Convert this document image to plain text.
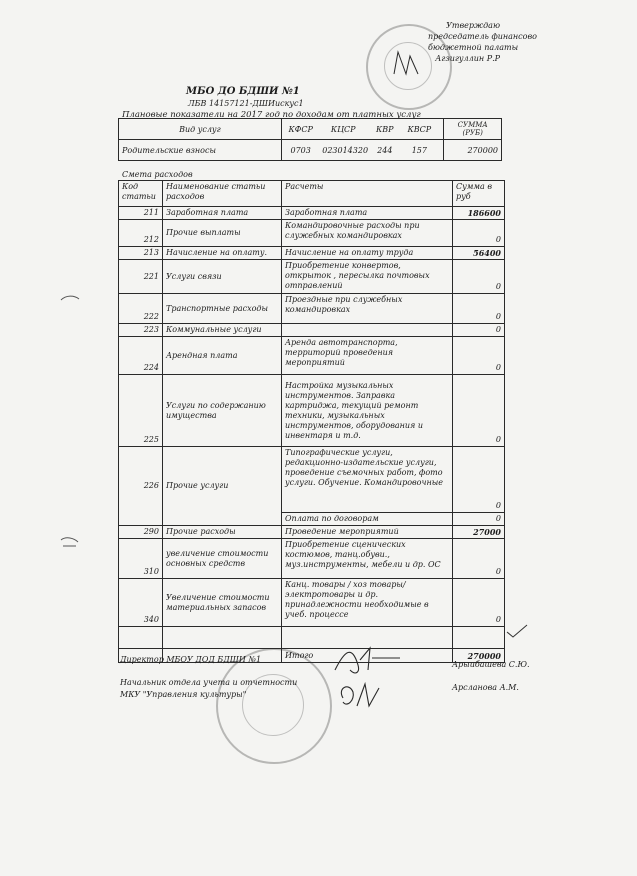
Утверждаю
председатель финансово
бюджетной палаты
Агзигуллин Р.Р
МБО ДО БДШИ №1
ЛБВ 14157121-ДШИискус1
Плановые показатели на 2017 год по доходам от платных услуг
Вид услуг	КФСР КЦСР КВР КВСР	СУММА (РУБ)
Родительские взносы	0703 023014320 244 157	270000
Смета расходов
Код статьи	Наименование статьи расходов	Расчеты	Сумма в руб
211	Заработная плата	Заработная плата	186600
212	Прочие выплаты	Командировочные расходы при служебных командировках	0
213	Начисление на оплату.	Начисление на оплату труда	56400
221	Услуги связи	Приобретение конвертов, открыток , пересылка почтовых отправлений	0
222	Транспортные расходы	Проездные при служебных командировках	0
223	Коммунальные услуги		0
224	Арендная плата	Аренда автотранспорта, территорий проведения мероприятий	0
225	Услуги по содержанию имущества	Настройка музыкальных инструментов. Заправка картриджа, текущий ремонт техники, музыкальных инструментов, оборудования и инвентаря и т.д.	0
226	Прочие услуги	Типографические услуги, редакционно-издательские услуги, проведение съемочных работ, фото услуги. Обучение. Командировочные	0
		Оплата по договорам	0
290	Прочие расходы	Проведение мероприятий	27000
310	увеличение стоимости основных средств	Приобретение сценических костюмов, танц.обуви., муз.инструменты, мебели и др. ОС	0
340	Увеличение стоимости материальных запасов	Канц. товары / хоз товары/ электротовары и др. принадлежности необходимые в учеб. процессе	0

		Итого	270000
Директор МБОУ ДОД БДШИ №1
Арыибашева С.Ю.
Начальник отдела учета и отчетности
МКУ "Управления культуры"
Арсланова А.М.
